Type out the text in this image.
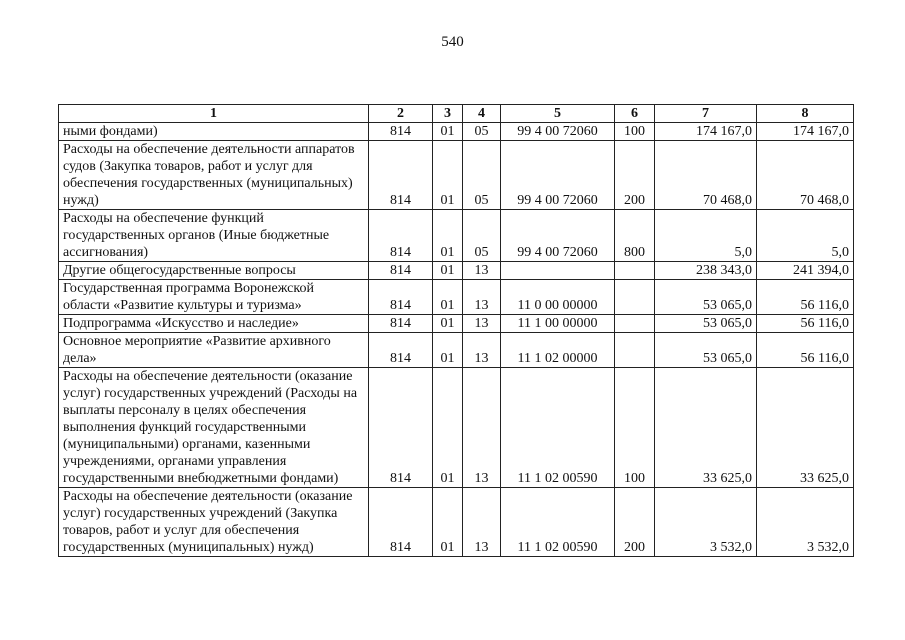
540
1	2	3	4	5	6	7	8
ными фондами)	814	01	05	99 4 00 72060	100	174 167,0	174 167,0
Расходы на обеспечение деятельности аппаратов судов (Закупка товаров, работ и услуг для обеспечения государственных (муниципальных) нужд)	814	01	05	99 4 00 72060	200	70 468,0	70 468,0
Расходы на обеспечение функций государственных органов (Иные бюджетные ассигнования)	814	01	05	99 4 00 72060	800	5,0	5,0
Другие общегосударственные вопросы	814	01	13			238 343,0	241 394,0
Государственная программа Воронежской области «Развитие культуры и туризма»	814	01	13	11 0 00 00000		53 065,0	56 116,0
Подпрограмма «Искусство и наследие»	814	01	13	11 1 00 00000		53 065,0	56 116,0
Основное мероприятие «Развитие архивного дела»	814	01	13	11 1 02 00000		53 065,0	56 116,0
Расходы на обеспечение деятельности (оказание услуг) государственных учреждений (Расходы на выплаты персоналу в целях обеспечения выполнения функций государственными (муниципальными) органами, казенными учреждениями, органами управления государственными внебюджетными фондами)	814	01	13	11 1 02 00590	100	33 625,0	33 625,0
Расходы на обеспечение деятельности (оказание услуг) государственных учреждений (Закупка товаров, работ и услуг для обеспечения государственных (муниципальных) нужд)	814	01	13	11 1 02 00590	200	3 532,0	3 532,0
